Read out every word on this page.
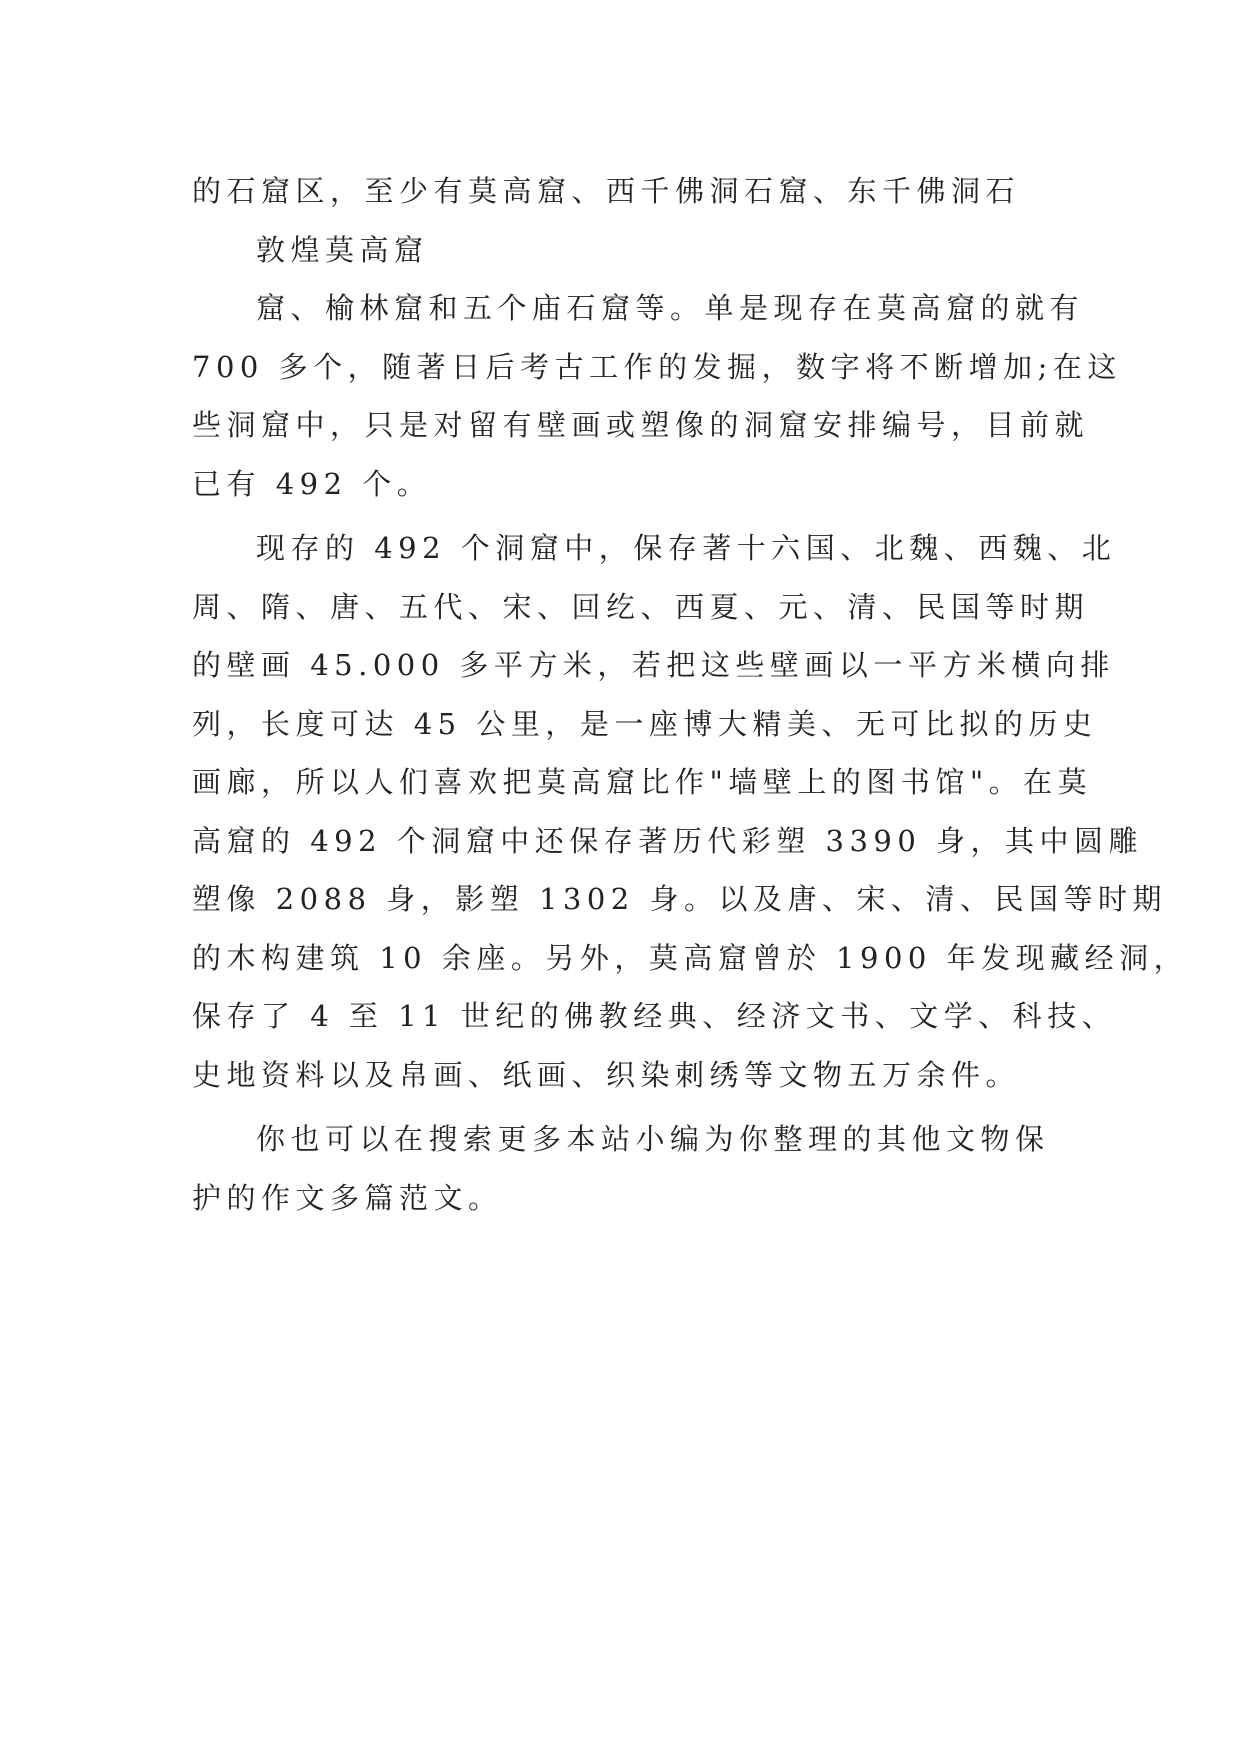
的石窟区，至少有莫高窟、西千佛洞石窟、东千佛洞石
敦煌莫高窟
窟、榆林窟和五个庙石窟等。单是现存在莫高窟的就有
700 多个，随著日后考古工作的发掘，数字将不断增加;在这
些洞窟中，只是对留有壁画或塑像的洞窟安排编号，目前就
已有 492 个。
现存的 492 个洞窟中，保存著十六国、北魏、西魏、北
周、隋、唐、五代、宋、回纥、西夏、元、清、民国等时期
的壁画 45.000 多平方米，若把这些壁画以一平方米横向排
列，长度可达 45 公里，是一座博大精美、无可比拟的历史
画廊，所以人们喜欢把莫高窟比作"墙壁上的图书馆"。在莫
高窟的 492 个洞窟中还保存著历代彩塑 3390 身，其中圆雕
塑像 2088 身，影塑 1302 身。以及唐、宋、清、民国等时期
的木构建筑 10 余座。另外，莫高窟曾於 1900 年发现藏经洞，
保存了 4 至 11 世纪的佛教经典、经济文书、文学、科技、
史地资料以及帛画、纸画、织染刺绣等文物五万余件。
你也可以在搜索更多本站小编为你整理的其他文物保
护的作文多篇范文。
